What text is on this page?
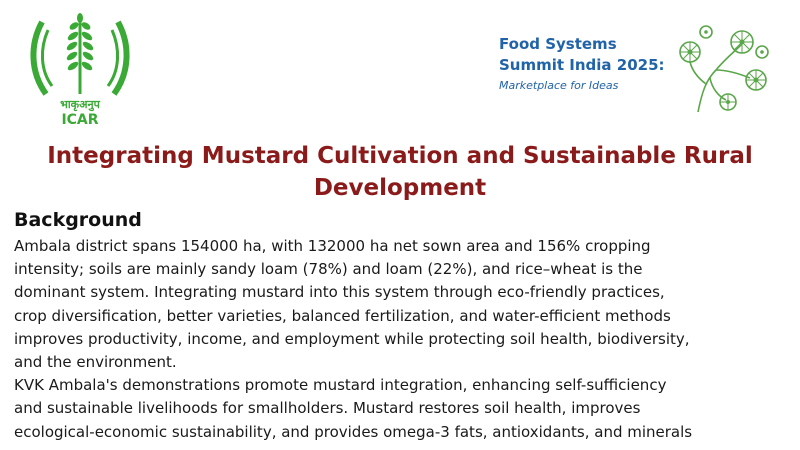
भाकृअनुप
ICAR
Food Systems
Summit India 2025:
Marketplace for Ideas
Integrating Mustard Cultivation and Sustainable Rural
Development
Background
Ambala district spans 154000 ha, with 132000 ha net sown area and 156% cropping
intensity; soils are mainly sandy loam (78%) and loam (22%), and rice–wheat is the
dominant system. Integrating mustard into this system through eco-friendly practices,
crop diversification, better varieties, balanced fertilization, and water-efficient methods
improves productivity, income, and employment while protecting soil health, biodiversity,
and the environment.
KVK Ambala's demonstrations promote mustard integration, enhancing self-sufficiency
and sustainable livelihoods for smallholders. Mustard restores soil health, improves
ecological-economic sustainability, and provides omega-3 fats, antioxidants, and minerals
